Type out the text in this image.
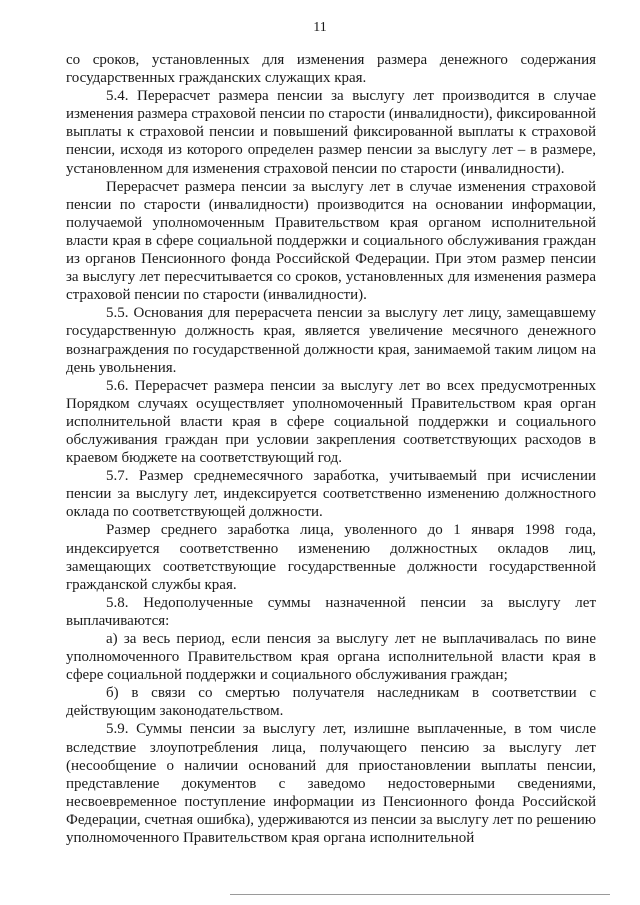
11

со сроков, установленных для изменения размера денежного содержания государственных гражданских служащих края.

5.4. Перерасчет размера пенсии за выслугу лет производится в случае изменения размера страховой пенсии по старости (инвалидности), фиксированной выплаты к страховой пенсии и повышений фиксированной выплаты к страховой пенсии, исходя из которого определен размер пенсии за выслугу лет – в размере, установленном для изменения страховой пенсии по старости (инвалидности).

Перерасчет размера пенсии за выслугу лет в случае изменения страховой пенсии по старости (инвалидности) производится на основании информации, получаемой уполномоченным Правительством края органом исполнительной власти края в сфере социальной поддержки и социального обслуживания граждан из органов Пенсионного фонда Российской Федерации. При этом размер пенсии за выслугу лет пересчитывается со сроков, установленных для изменения размера страховой пенсии по старости (инвалидности).

5.5. Основания для перерасчета пенсии за выслугу лет лицу, замещавшему государственную должность края, является увеличение месячного денежного вознаграждения по государственной должности края, занимаемой таким лицом на день увольнения.

5.6. Перерасчет размера пенсии за выслугу лет во всех предусмотренных Порядком случаях осуществляет уполномоченный Правительством края орган исполнительной власти края в сфере социальной поддержки и социального обслуживания граждан при условии закрепления соответствующих расходов в краевом бюджете на соответствующий год.

5.7. Размер среднемесячного заработка, учитываемый при исчислении пенсии за выслугу лет, индексируется соответственно изменению должностного оклада по соответствующей должности.

Размер среднего заработка лица, уволенного до 1 января 1998 года, индексируется соответственно изменению должностных окладов лиц, замещающих соответствующие государственные должности государственной гражданской службы края.

5.8. Недополученные суммы назначенной пенсии за выслугу лет выплачиваются:

а) за весь период, если пенсия за выслугу лет не выплачивалась по вине уполномоченного Правительством края органа исполнительной власти края в сфере социальной поддержки и социального обслуживания граждан;

б) в связи со смертью получателя наследникам в соответствии с действующим законодательством.

5.9. Суммы пенсии за выслугу лет, излишне выплаченные, в том числе вследствие злоупотребления лица, получающего пенсию за выслугу лет (несообщение о наличии оснований для приостановлении выплаты пенсии, представление документов с заведомо недостоверными сведениями, несвоевременное поступление информации из Пенсионного фонда Российской Федерации, счетная ошибка), удерживаются из пенсии за выслугу лет по решению уполномоченного Правительством края органа исполнительной
